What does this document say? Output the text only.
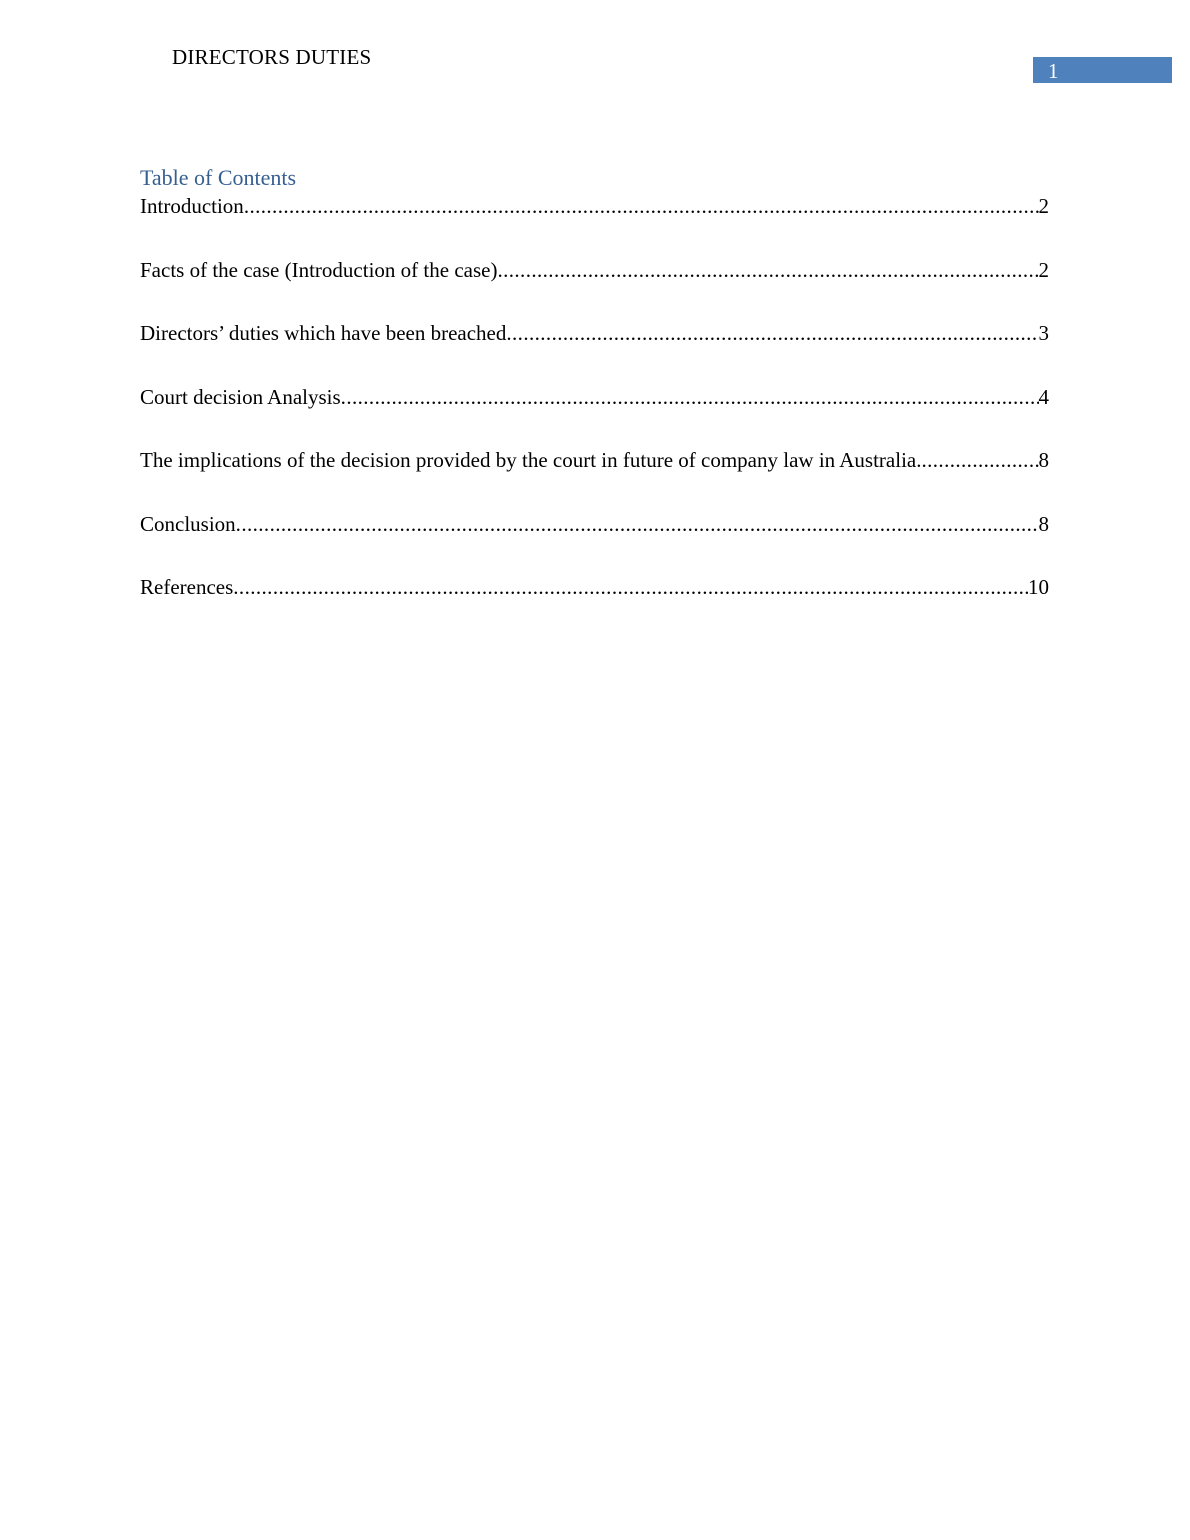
DIRECTORS DUTIES
1
Table of Contents
Introduction .....	2
Facts of the case (Introduction of the case) .....	2
Directors’ duties which have been breached .....	3
Court decision Analysis .....	4
The implications of the decision provided by the court in future of company law in Australia. .....	8
Conclusion .....	8
References .....	10
